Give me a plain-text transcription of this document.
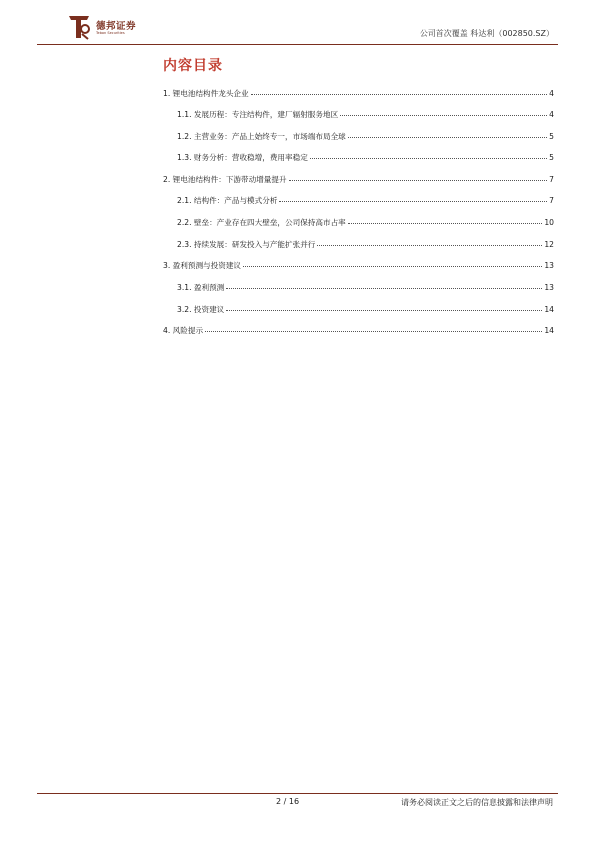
德邦证券
Tebon Securities	公司首次覆盖 科达利（002850.SZ）
内容目录
1. 锂电池结构件龙头企业	4
1.1. 发展历程：专注结构件，建厂辐射服务地区	4
1.2. 主营业务：产品上始终专一，市场端布局全球	5
1.3. 财务分析：营收稳增，费用率稳定	5
2. 锂电池结构件：下游带动增量提升	7
2.1. 结构件：产品与模式分析	7
2.2. 壁垒：产业存在四大壁垒，公司保持高市占率	10
2.3. 持续发展：研发投入与产能扩张并行	12
3. 盈利预测与投资建议	13
3.1. 盈利预测	13
3.2. 投资建议	14
4. 风险提示	14
2 / 16	请务必阅读正文之后的信息披露和法律声明
